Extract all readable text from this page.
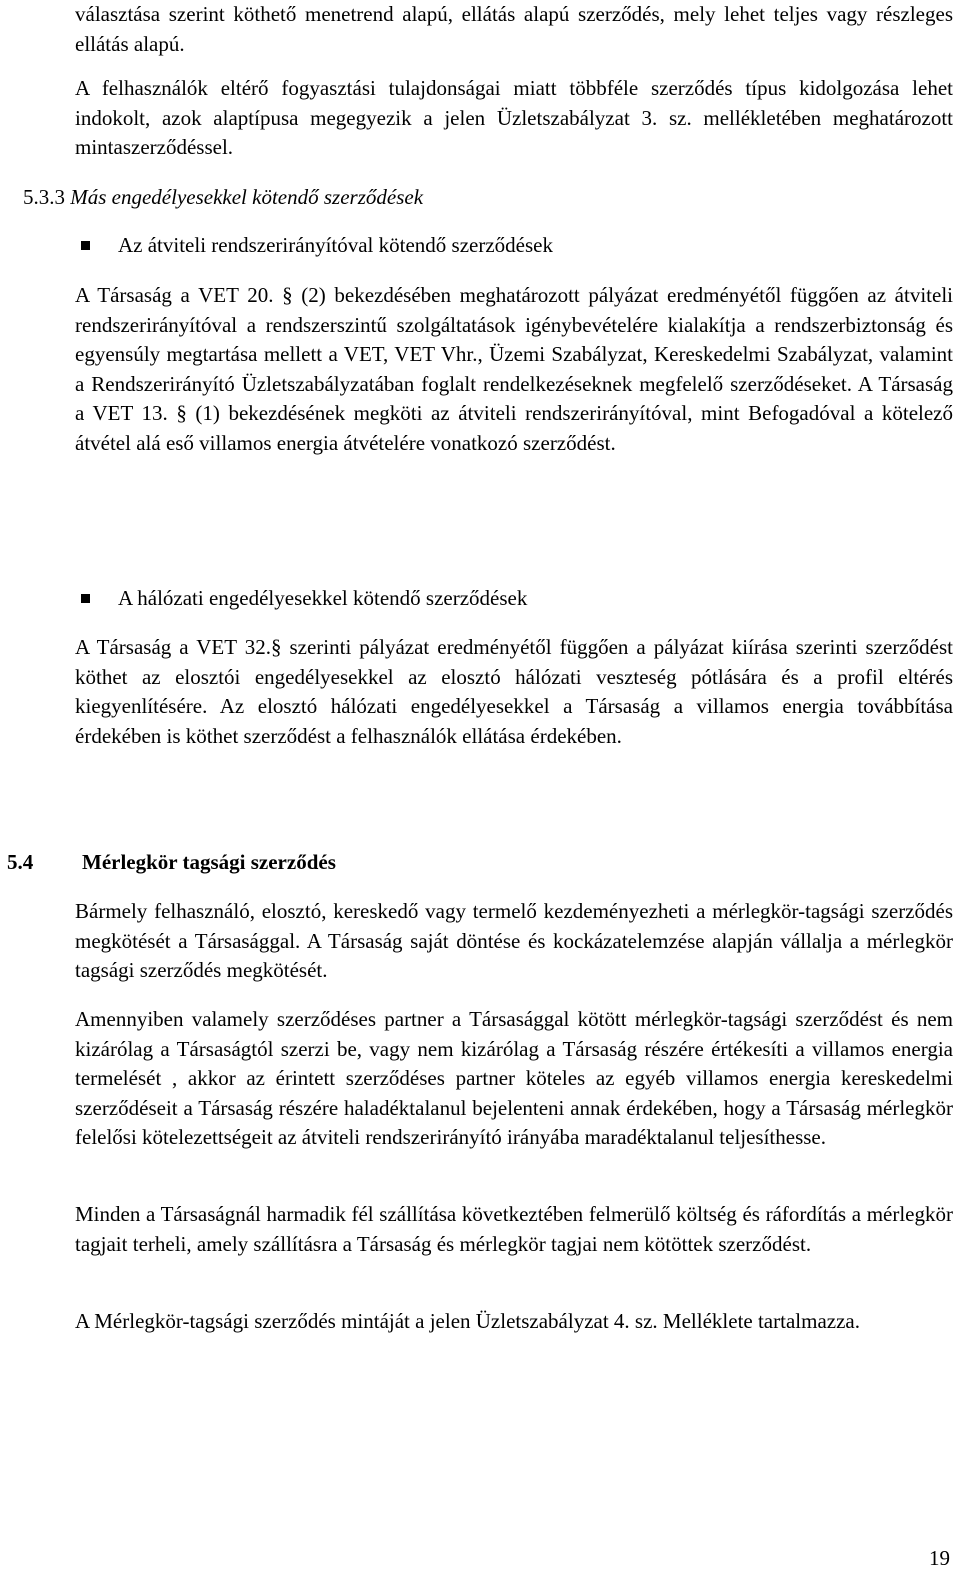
választása szerint köthető menetrend alapú, ellátás alapú szerződés, mely lehet teljes vagy részleges ellátás alapú.

A felhasználók eltérő fogyasztási tulajdonságai miatt többféle szerződés típus kidolgozása lehet indokolt, azok alaptípusa megegyezik a jelen Üzletszabályzat 3. sz. mellékletében meghatározott mintaszerződéssel.

5.3.3 Más engedélyesekkel kötendő szerződések

Az átviteli rendszerirányítóval kötendő szerződések

A Társaság a VET 20. § (2) bekezdésében meghatározott pályázat eredményétől függően az átviteli rendszerirányítóval a rendszerszintű szolgáltatások igénybevételére kialakítja a rendszerbiztonság és egyensúly megtartása mellett a VET, VET Vhr., Üzemi Szabályzat, Kereskedelmi Szabályzat, valamint a Rendszerirányító Üzletszabályzatában foglalt rendelkezéseknek megfelelő szerződéseket. A Társaság a VET 13. § (1) bekezdésének megköti az átviteli rendszerirányítóval, mint Befogadóval a kötelező átvétel alá eső villamos energia átvételére vonatkozó szerződést.

A hálózati engedélyesekkel kötendő szerződések

A Társaság a VET 32.§ szerinti pályázat eredményétől függően a pályázat kiírása szerinti szerződést köthet az elosztói engedélyesekkel az elosztó hálózati veszteség pótlására és a profil eltérés kiegyenlítésére. Az elosztó hálózati engedélyesekkel a Társaság a villamos energia továbbítása érdekében is köthet szerződést a felhasználók ellátása érdekében.

5.4 Mérlegkör tagsági szerződés

Bármely felhasználó, elosztó, kereskedő vagy termelő kezdeményezheti a mérlegkör-tagsági szerződés megkötését a Társasággal. A Társaság saját döntése és kockázatelemzése alapján vállalja a mérlegkör tagsági szerződés megkötését.

Amennyiben valamely szerződéses partner a Társasággal kötött mérlegkör-tagsági szerződést és nem kizárólag a Társaságtól szerzi be, vagy nem kizárólag a Társaság részére értékesíti a villamos energia termelését , akkor az érintett szerződéses partner köteles az egyéb villamos energia kereskedelmi szerződéseit a Társaság részére haladéktalanul bejelenteni annak érdekében, hogy a Társaság mérlegkör felelősi kötelezettségeit az átviteli rendszerirányító irányába maradéktalanul teljesíthesse.

Minden a Társaságnál harmadik fél szállítása következtében felmerülő költség és ráfordítás a mérlegkör tagjait terheli, amely szállításra a Társaság és mérlegkör tagjai nem kötöttek szerződést.

A Mérlegkör-tagsági szerződés mintáját a jelen Üzletszabályzat 4. sz. Melléklete tartalmazza.

19
